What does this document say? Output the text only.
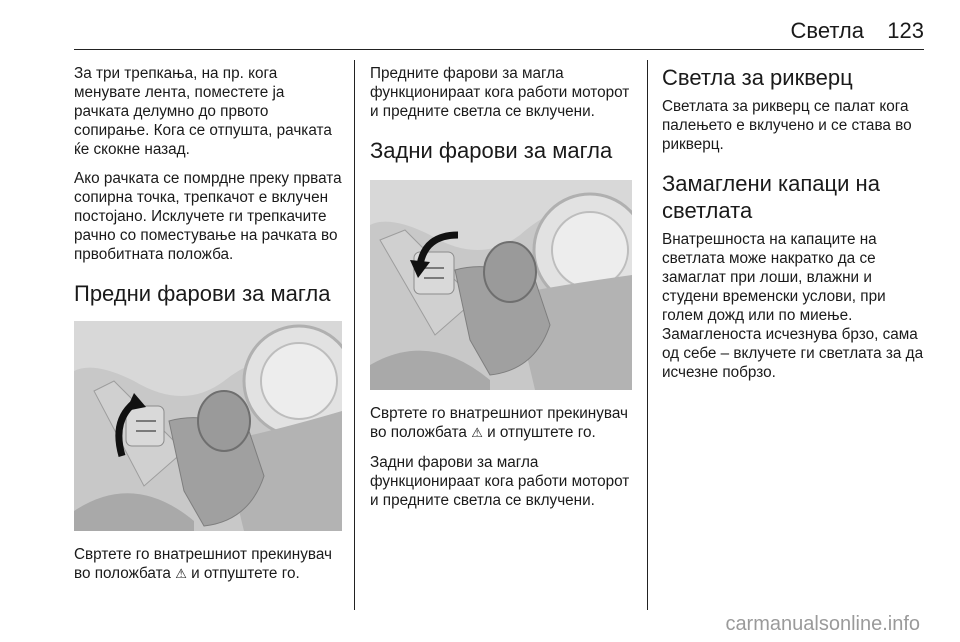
Светла 123

За три трепкања, на пр. кога менувате лента, поместете ја рачката делумно до првото сопирање. Кога се отпушта, рачката ќе скокне назад.

Ако рачката се помрдне преку првата сопирна точка, трепкачот е вклучен постојано. Исклучете ги трепкачите рачно со поместување на рачката во првобитната положба.

Предни фарови за магла

Свртете го внатрешниот прекинувач во положбата ⚠ и отпуштете го.

Предните фарови за магла функционираат кога работи моторот и предните светла се вклучени.

Задни фарови за магла

Свртете го внатрешниот прекинувач во положбата ⚠ и отпуштете го.

Задни фарови за магла функционираат кога работи моторот и предните светла се вклучени.

Светла за рикверц

Светлата за рикверц се палат кога палењето е вклучено и се става во рикверц.

Замаглени капаци на светлата

Внатрешноста на капаците на светлата може накратко да се замаглат при лоши, влажни и студени временски услови, при голем дожд или по миење. Замагленоста исчезнува брзо, сама од себе – вклучете ги светлата за да исчезне побрзо.

carmanualsonline.info
